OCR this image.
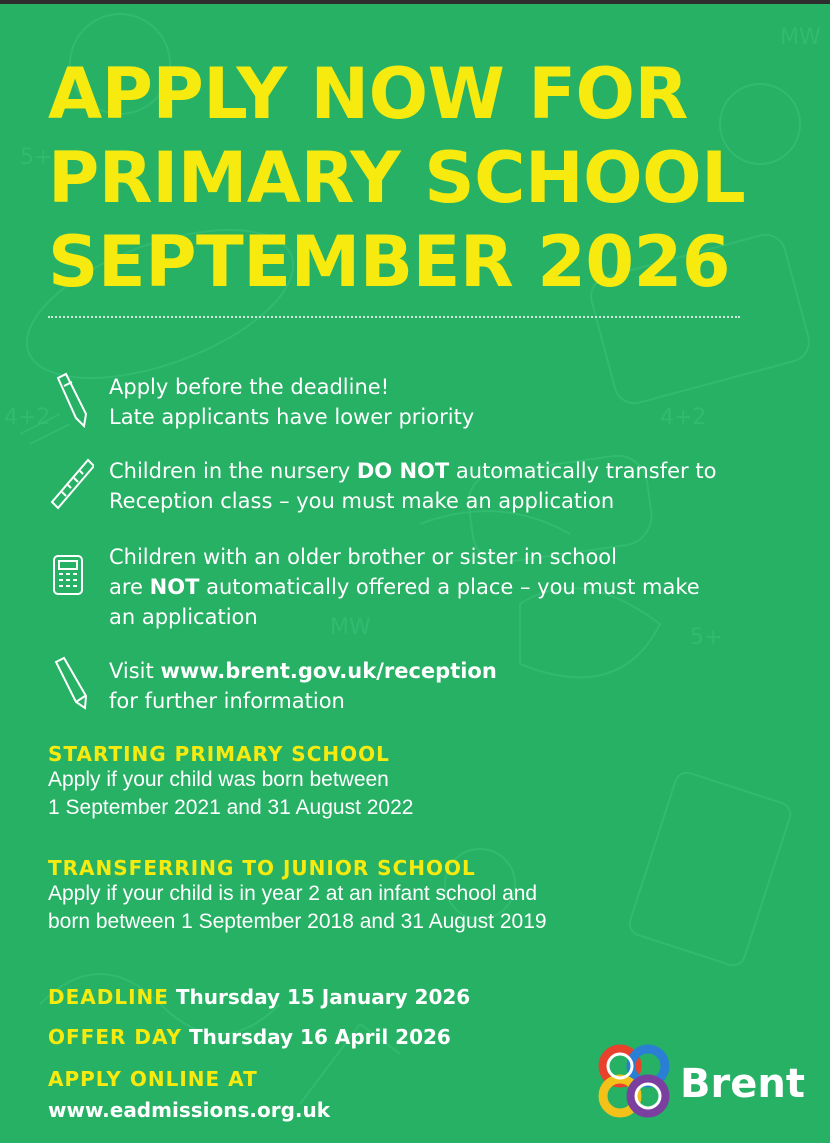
4+2	4+2
5+
5+
MW
MW
APPLY NOW FOR
PRIMARY SCHOOL
SEPTEMBER 2026
Apply before the deadline!
Late applicants have lower priority
Children in the nursery DO NOT automatically transfer to
Reception class – you must make an application
Children with an older brother or sister in school
are NOT automatically offered a place – you must make
an application
Visit www.brent.gov.uk/reception
for further information
STARTING PRIMARY SCHOOL
Apply if your child was born between
1 September 2021 and 31 August 2022
TRANSFERRING TO JUNIOR SCHOOL
Apply if your child is in year 2 at an infant school and
born between 1 September 2018 and 31 August 2019
DEADLINE Thursday 15 January 2026
OFFER DAY Thursday 16 April 2026
APPLY ONLINE AT
www.eadmissions.org.uk
Brent
